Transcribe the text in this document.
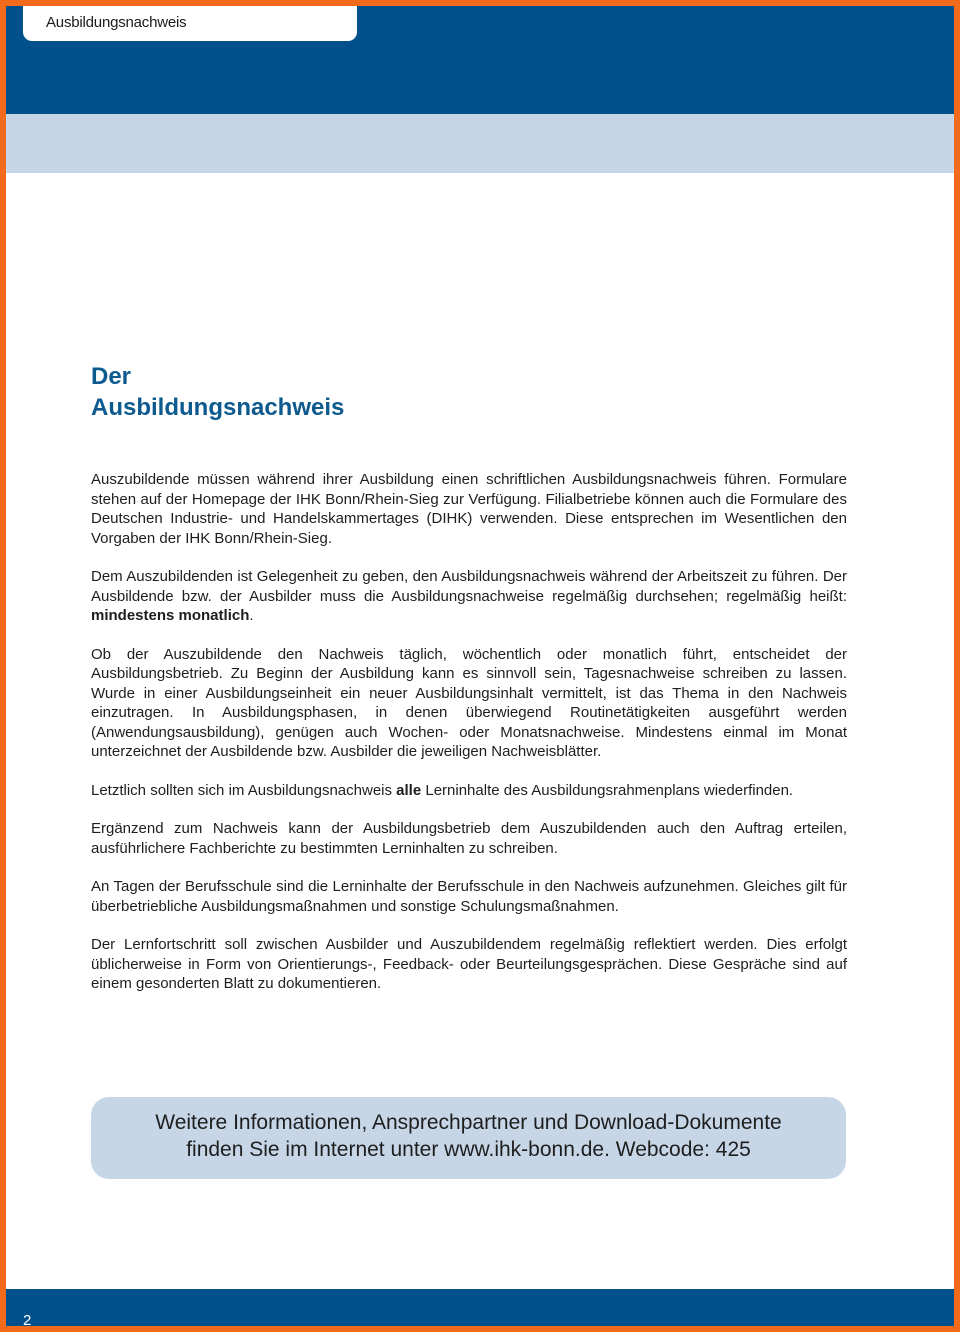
Ausbildungsnachweis
Der
Ausbildungsnachweis

Auszubildende müssen während ihrer Ausbildung einen schriftlichen Ausbildungsnachweis führen. Formulare stehen auf der Homepage der IHK Bonn/Rhein-Sieg zur Verfügung. Filialbetriebe können auch die Formulare des Deutschen Industrie- und Handelskammertages (DIHK) verwenden. Diese entsprechen im Wesentlichen den Vorgaben der IHK Bonn/Rhein-Sieg.

Dem Auszubildenden ist Gelegenheit zu geben, den Ausbildungsnachweis während der Arbeitszeit zu führen. Der Ausbildende bzw. der Ausbilder muss die Ausbildungsnachweise regelmäßig durchsehen; regelmäßig heißt: mindestens monatlich.

Ob der Auszubildende den Nachweis täglich, wöchentlich oder monatlich führt, entscheidet der Ausbildungsbetrieb. Zu Beginn der Ausbildung kann es sinnvoll sein, Tagesnachweise schreiben zu lassen. Wurde in einer Ausbildungseinheit ein neuer Ausbildungsinhalt vermittelt, ist das Thema in den Nachweis einzutragen. In Ausbildungsphasen, in denen überwiegend Routinetätigkeiten ausgeführt werden (Anwendungsausbildung), genügen auch Wochen- oder Monatsnachweise. Mindestens einmal im Monat unterzeichnet der Ausbildende bzw. Ausbilder die jeweiligen Nachweisblätter.

Letztlich sollten sich im Ausbildungsnachweis alle Lerninhalte des Ausbildungsrahmenplans wiederfinden.

Ergänzend zum Nachweis kann der Ausbildungsbetrieb dem Auszubildenden auch den Auftrag erteilen, ausführlichere Fachberichte zu bestimmten Lerninhalten zu schreiben.

An Tagen der Berufsschule sind die Lerninhalte der Berufsschule in den Nachweis aufzunehmen. Gleiches gilt für überbetriebliche Ausbildungsmaßnahmen und sonstige Schulungsmaßnahmen.

Der Lernfortschritt soll zwischen Ausbilder und Auszubildendem regelmäßig reflektiert werden. Dies erfolgt üblicherweise in Form von Orientierungs-, Feedback- oder Beurteilungsgesprächen. Diese Gespräche sind auf einem gesonderten Blatt zu dokumentieren.

Weitere Informationen, Ansprechpartner und Download-Dokumente
finden Sie im Internet unter www.ihk-bonn.de. Webcode: 425
2
